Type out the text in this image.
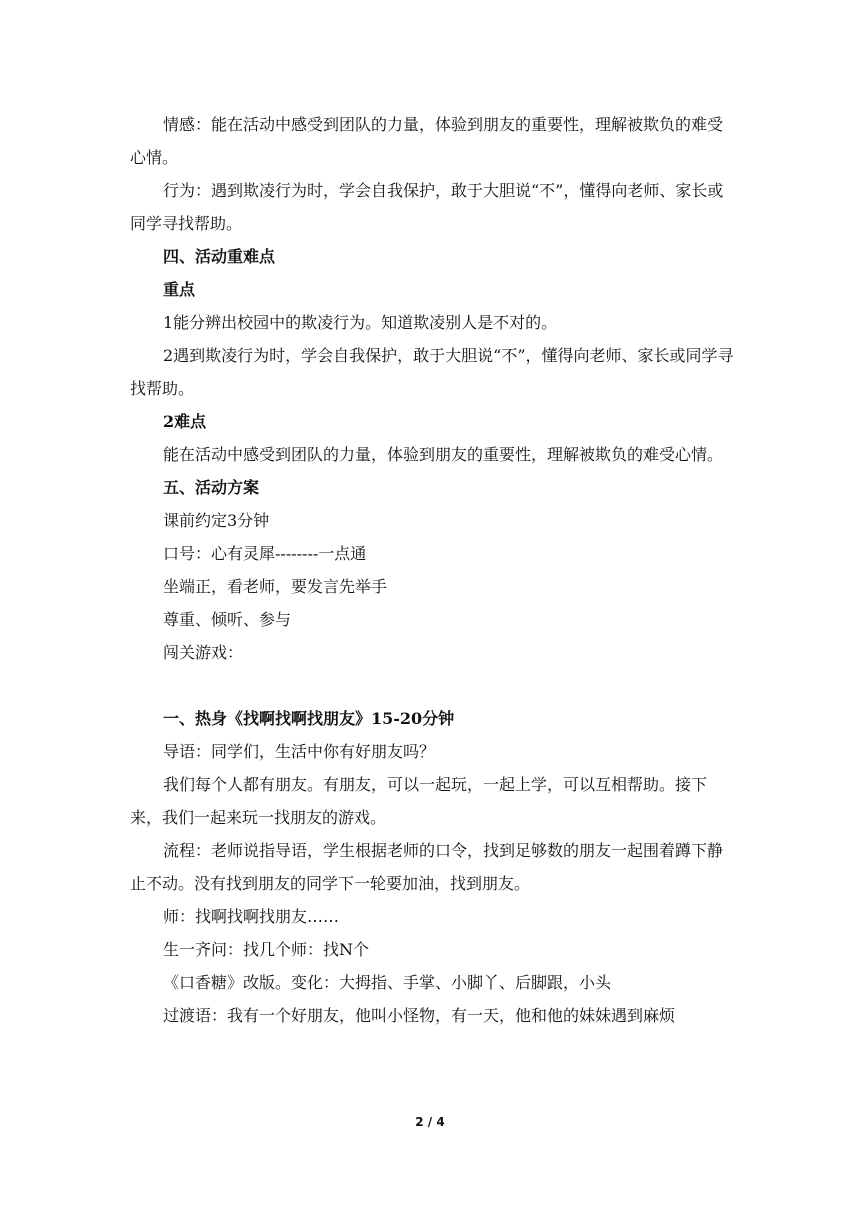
情感：能在活动中感受到团队的力量，体验到朋友的重要性，理解被欺负的难受心情。

行为：遇到欺凌行为时，学会自我保护，敢于大胆说“不”，懂得向老师、家长或同学寻找帮助。

四、活动重难点

重点

1能分辨出校园中的欺凌行为。知道欺凌别人是不对的。

2遇到欺凌行为时，学会自我保护，敢于大胆说“不”，懂得向老师、家长或同学寻找帮助。

2难点

能在活动中感受到团队的力量，体验到朋友的重要性，理解被欺负的难受心情。

五、活动方案

课前约定3分钟

口号：心有灵犀--------一点通

坐端正，看老师，要发言先举手

尊重、倾听、参与

闯关游戏：

一、热身《找啊找啊找朋友》15-20分钟

导语：同学们，生活中你有好朋友吗？

我们每个人都有朋友。有朋友，可以一起玩，一起上学，可以互相帮助。接下来，我们一起来玩一找朋友的游戏。

流程：老师说指导语，学生根据老师的口令，找到足够数的朋友一起围着蹲下静止不动。没有找到朋友的同学下一轮要加油，找到朋友。

师：找啊找啊找朋友……

生一齐问：找几个师：找N个

《口香糖》改版。变化：大拇指、手掌、小脚丫、后脚跟，小头

过渡语：我有一个好朋友，他叫小怪物，有一天，他和他的妹妹遇到麻烦

2 / 4
